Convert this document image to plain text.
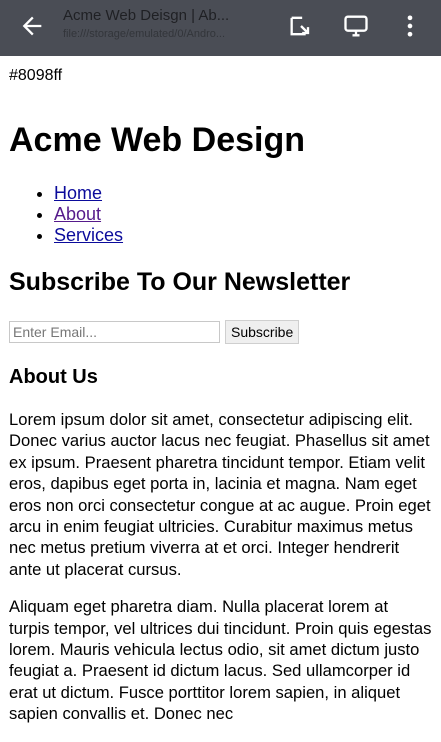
Acme Web Deisgn | Ab...
file:///storage/emulated/0/Andro...
#8098ff
Acme Web Design
• Home
• About
• Services
Subscribe To Our Newsletter
Enter Email...
Subscribe
About Us

Lorem ipsum dolor sit amet, consectetur adipiscing elit. Donec varius auctor lacus nec feugiat. Phasellus sit amet ex ipsum. Praesent pharetra tincidunt tempor. Etiam velit eros, dapibus eget porta in, lacinia et magna. Nam eget eros non orci consectetur congue at ac augue. Proin eget arcu in enim feugiat ultricies. Curabitur maximus metus nec metus pretium viverra at et orci. Integer hendrerit ante ut placerat cursus.

Aliquam eget pharetra diam. Nulla placerat lorem at turpis tempor, vel ultrices dui tincidunt. Proin quis egestas lorem. Mauris vehicula lectus odio, sit amet dictum justo feugiat a. Praesent id dictum lacus. Sed ullamcorper id erat ut dictum. Fusce porttitor lorem sapien, in aliquet sapien convallis et. Donec nec
